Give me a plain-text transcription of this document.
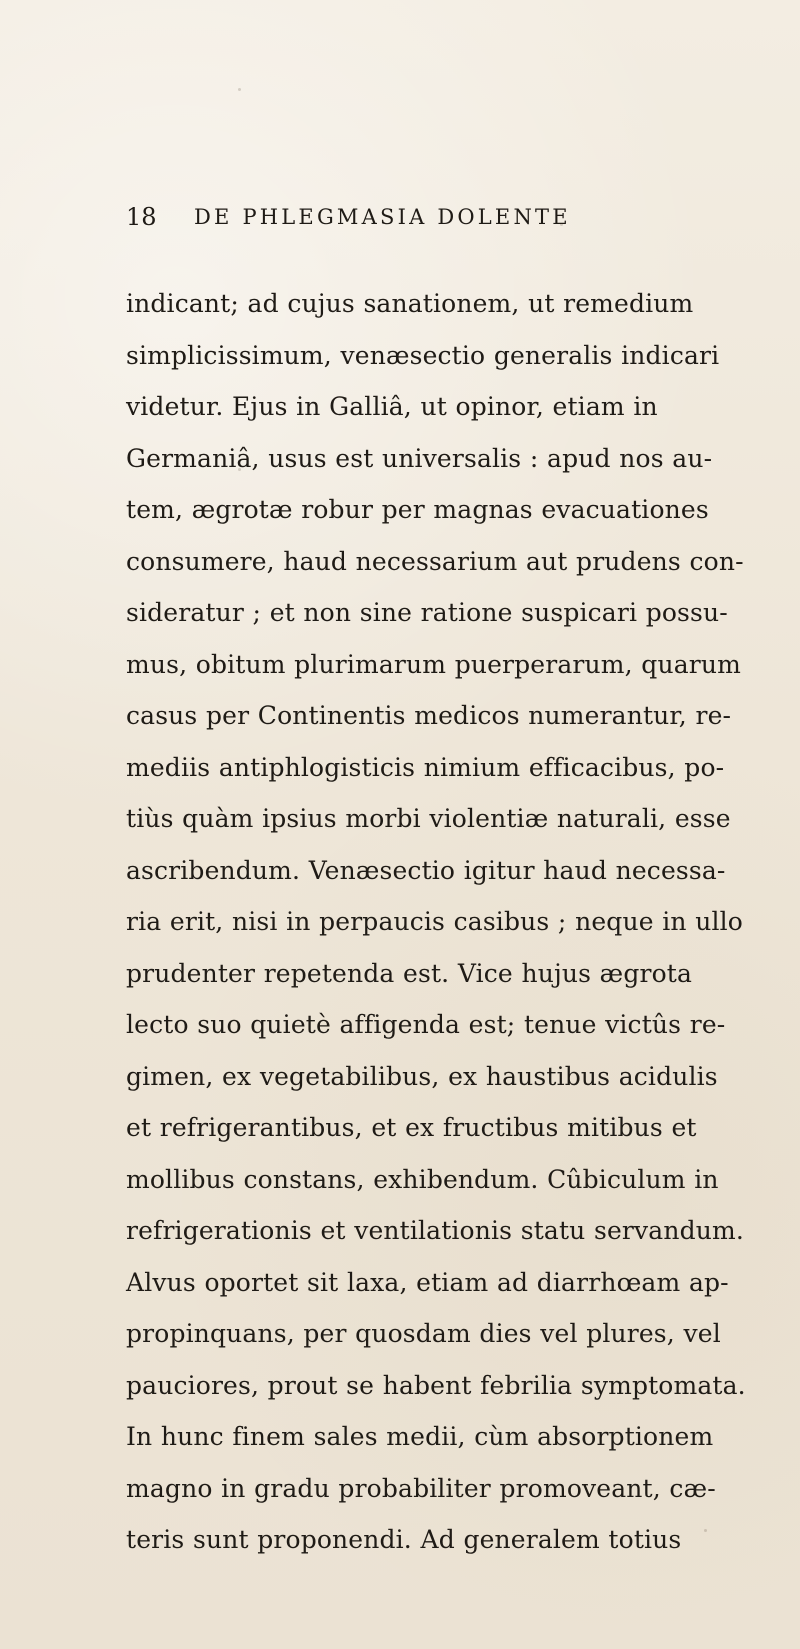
18	DE PHLEGMASIA DOLENTE
indicant; ad cujus sanationem, ut remedium
simplicissimum, venæsectio generalis indicari
videtur. Ejus in Galliâ, ut opinor, etiam in
Germaniâ, usus est universalis : apud nos au-
tem, ægrotæ robur per magnas evacuationes
consumere, haud necessarium aut prudens con-
sideratur ; et non sine ratione suspicari possu-
mus, obitum plurimarum puerperarum, quarum
casus per Continentis medicos numerantur, re-
mediis antiphlogisticis nimium efficacibus, po-
tiùs quàm ipsius morbi violentiæ naturali, esse
ascribendum. Venæsectio igitur haud necessa-
ria erit, nisi in perpaucis casibus ; neque in ullo
prudenter repetenda est. Vice hujus ægrota
lecto suo quietè affigenda est; tenue victûs re-
gimen, ex vegetabilibus, ex haustibus acidulis
et refrigerantibus, et ex fructibus mitibus et
mollibus constans, exhibendum. Cûbiculum in
refrigerationis et ventilationis statu servandum.
Alvus oportet sit laxa, etiam ad diarrhœam ap-
propinquans, per quosdam dies vel plures, vel
pauciores, prout se habent febrilia symptomata.
In hunc finem sales medii, cùm absorptionem
magno in gradu probabiliter promoveant, cæ-
teris sunt proponendi. Ad generalem totius
